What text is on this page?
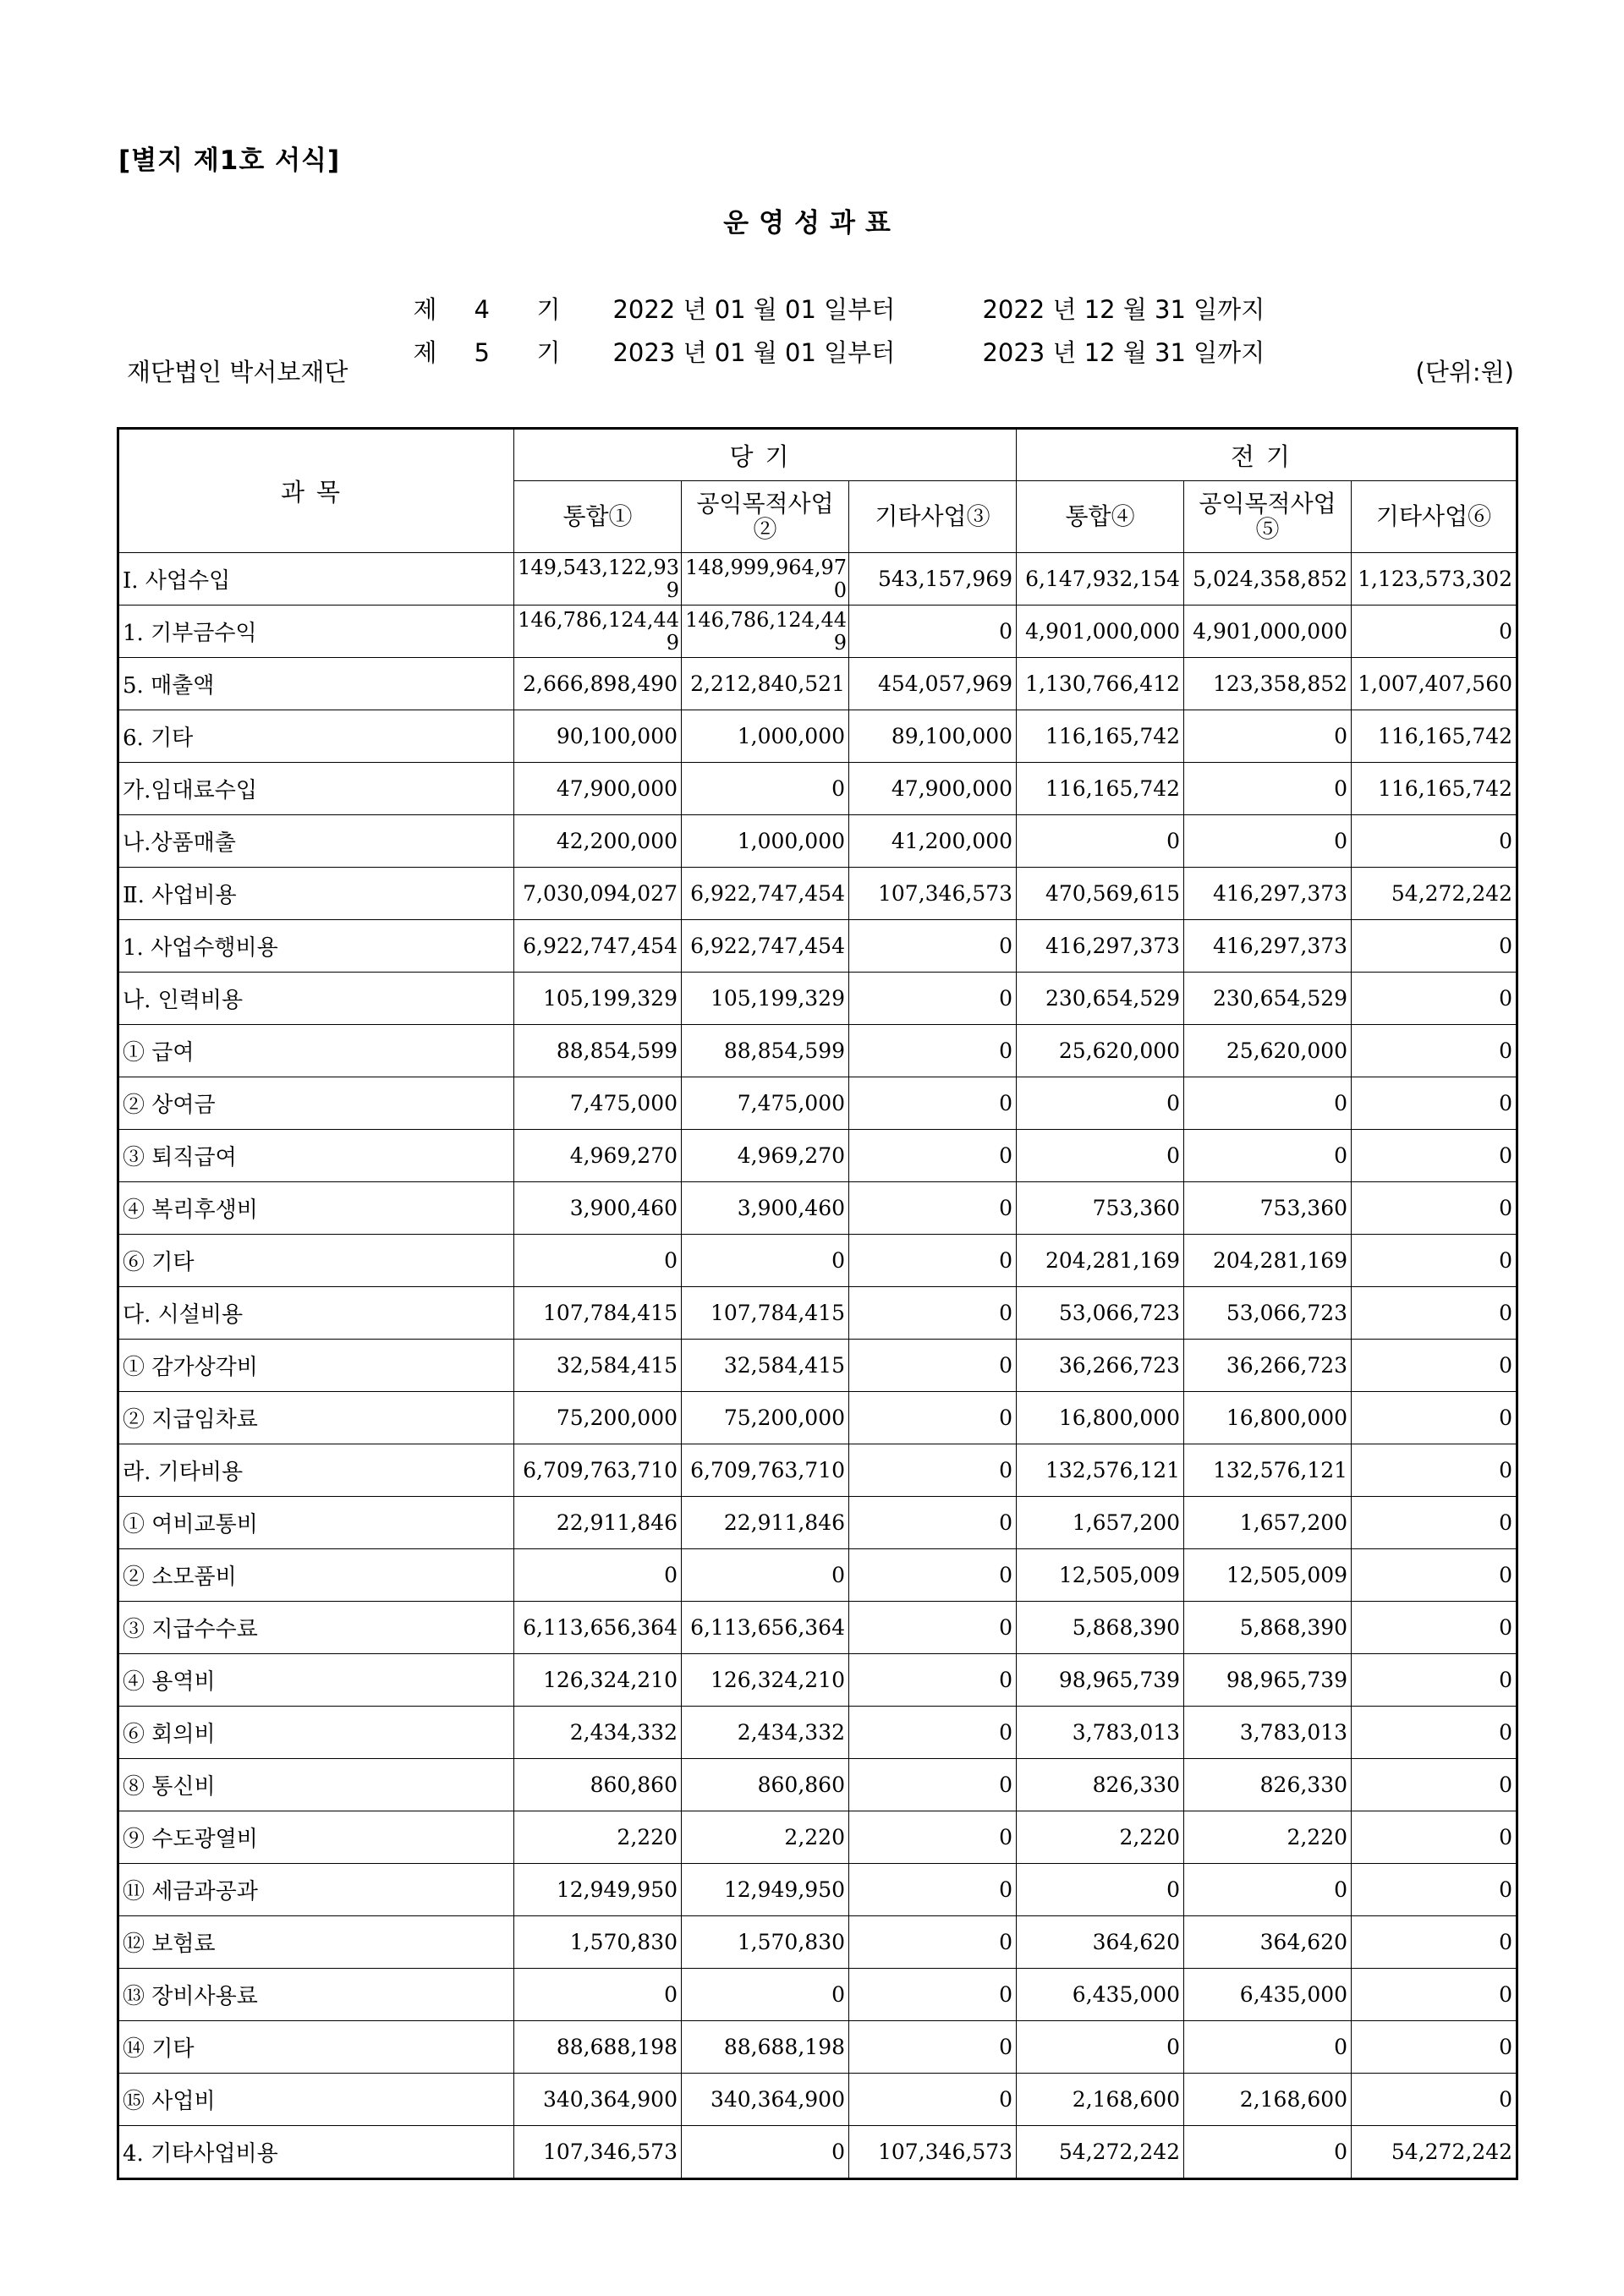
[별지 제1호 서식]
운영성과표

제 4 기 2022 년 01 월 01 일부터	2022 년 12 월 31 일까지

제 5 기 2023 년 01 월 01 일부터	2023 년 12 월 31 일까지

재단법인 박서보재단	(단위:원)
과목	당기			전기		
	통합①	공익목적사업②	기타사업③	통합④	공익목적사업⑤	기타사업⑥
Ⅰ. 사업수입	149,543,122,939	148,999,964,970	543,157,969	6,147,932,154	5,024,358,852	1,123,573,302
1. 기부금수익	146,786,124,449	146,786,124,449	0	4,901,000,000	4,901,000,000	0
5. 매출액	2,666,898,490	2,212,840,521	454,057,969	1,130,766,412	123,358,852	1,007,407,560
6. 기타	90,100,000	1,000,000	89,100,000	116,165,742	0	116,165,742
가.임대료수입	47,900,000	0	47,900,000	116,165,742	0	116,165,742
나.상품매출	42,200,000	1,000,000	41,200,000	0	0	0
Ⅱ. 사업비용	7,030,094,027	6,922,747,454	107,346,573	470,569,615	416,297,373	54,272,242
1. 사업수행비용	6,922,747,454	6,922,747,454	0	416,297,373	416,297,373	0
나. 인력비용	105,199,329	105,199,329	0	230,654,529	230,654,529	0
① 급여	88,854,599	88,854,599	0	25,620,000	25,620,000	0
② 상여금	7,475,000	7,475,000	0	0	0	0
③ 퇴직급여	4,969,270	4,969,270	0	0	0	0
④ 복리후생비	3,900,460	3,900,460	0	753,360	753,360	0
⑥ 기타	0	0	0	204,281,169	204,281,169	0
다. 시설비용	107,784,415	107,784,415	0	53,066,723	53,066,723	0
① 감가상각비	32,584,415	32,584,415	0	36,266,723	36,266,723	0
② 지급임차료	75,200,000	75,200,000	0	16,800,000	16,800,000	0
라. 기타비용	6,709,763,710	6,709,763,710	0	132,576,121	132,576,121	0
① 여비교통비	22,911,846	22,911,846	0	1,657,200	1,657,200	0
② 소모품비	0	0	0	12,505,009	12,505,009	0
③ 지급수수료	6,113,656,364	6,113,656,364	0	5,868,390	5,868,390	0
④ 용역비	126,324,210	126,324,210	0	98,965,739	98,965,739	0
⑥ 회의비	2,434,332	2,434,332	0	3,783,013	3,783,013	0
⑧ 통신비	860,860	860,860	0	826,330	826,330	0
⑨ 수도광열비	2,220	2,220	0	2,220	2,220	0
⑪ 세금과공과	12,949,950	12,949,950	0	0	0	0
⑫ 보험료	1,570,830	1,570,830	0	364,620	364,620	0
⑬ 장비사용료	0	0	0	6,435,000	6,435,000	0
⑭ 기타	88,688,198	88,688,198	0	0	0	0
⑮ 사업비	340,364,900	340,364,900	0	2,168,600	2,168,600	0
4. 기타사업비용	107,346,573	0	107,346,573	54,272,242	0	54,272,242
